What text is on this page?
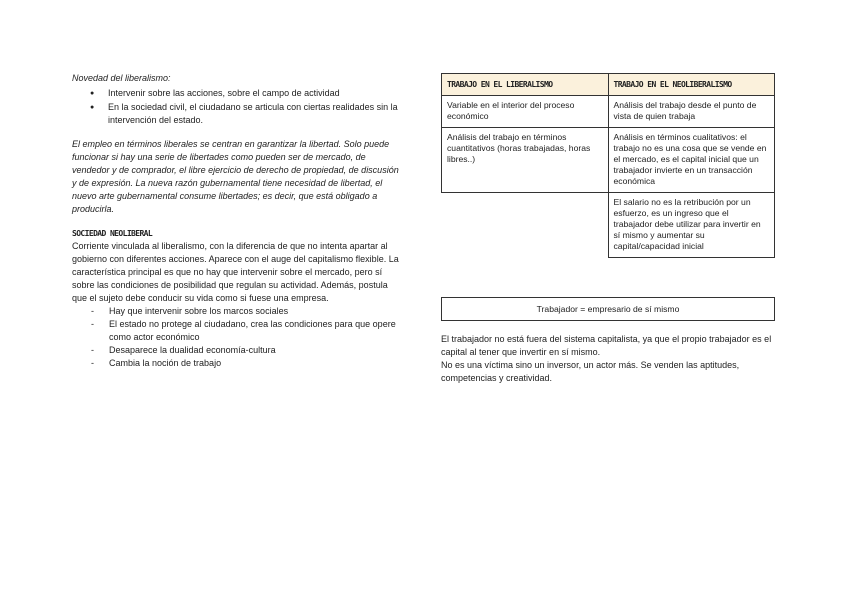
Novedad del liberalismo:
● Intervenir sobre las acciones, sobre el campo de actividad
● En la sociedad civil, el ciudadano se articula con ciertas realidades sin la intervención del estado.
El empleo en términos liberales se centran en garantizar la libertad. Solo puede funcionar si hay una serie de libertades como pueden ser de mercado, de vendedor y de comprador, el libre ejercicio de derecho de propiedad, de discusión y de expresión. La nueva razón gubernamental tiene necesidad de libertad, el nuevo arte gubernamental consume libertades; es decir, que está obligado a producirla.
SOCIEDAD NEOLIBERAL
Corriente vinculada al liberalismo, con la diferencia de que no intenta apartar al gobierno con diferentes acciones. Aparece con el auge del capitalismo flexible. La característica principal es que no hay que intervenir sobre el mercado, pero sí sobre las condiciones de posibilidad que regulan su actividad. Además, postula que el sujeto debe conducir su vida como si fuese una empresa.
- Hay que intervenir sobre los marcos sociales
- El estado no protege al ciudadano, crea las condiciones para que opere como actor económico
- Desaparece la dualidad economía-cultura
- Cambia la noción de trabajo
TRABAJO EN EL LIBERALISMO	TRABAJO EN EL NEOLIBERALISMO
Variable en el interior del proceso económico	Análisis del trabajo desde el punto de vista de quien trabaja
Análisis del trabajo en términos cuantitativos (horas trabajadas, horas libres..)	Análisis en términos cualitativos: el trabajo no es una cosa que se vende en el mercado, es el capital inicial que un trabajador invierte en un transacción económica
	El salario no es la retribución por un esfuerzo, es un ingreso que el trabajador debe utilizar para invertir en sí mismo y aumentar su capital/capacidad inicial
Trabajador = empresario de sí mismo
El trabajador no está fuera del sistema capitalista, ya que el propio trabajador es el capital al tener que invertir en sí mismo.
No es una víctima sino un inversor, un actor más. Se venden las aptitudes, competencias y creatividad.
